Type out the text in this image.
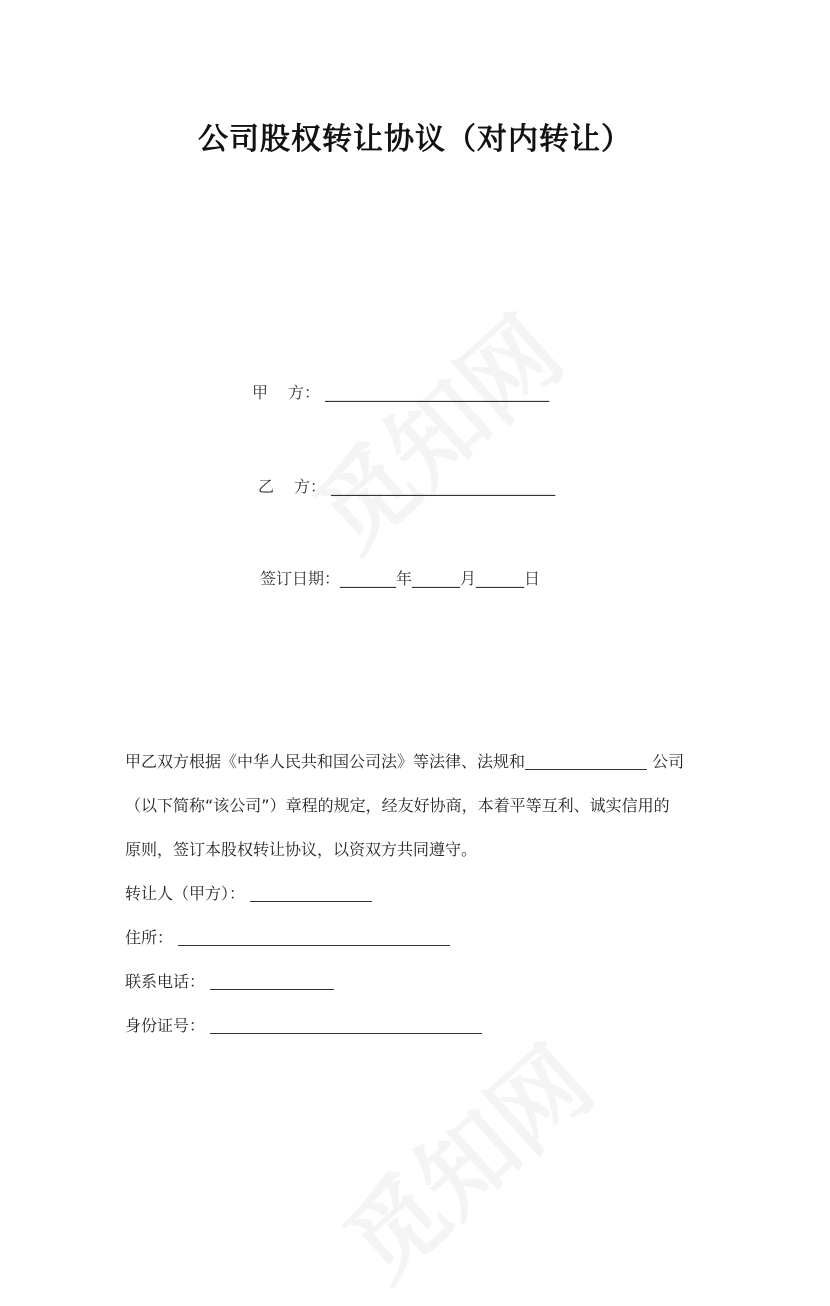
公司股权转让协议（对内转让）
甲 方： ____________________________
乙 方： ____________________________
签订日期：_______年______月______日
甲乙双方根据《中华人民共和国公司法》等法律、法规和	公司
（以下简称“该公司”）章程的规定，经友好协商，本着平等互利、诚实信用的
原则，签订本股权转让协议，以资双方共同遵守。
转让人（甲方）：
住所：
联系电话：
身份证号：
